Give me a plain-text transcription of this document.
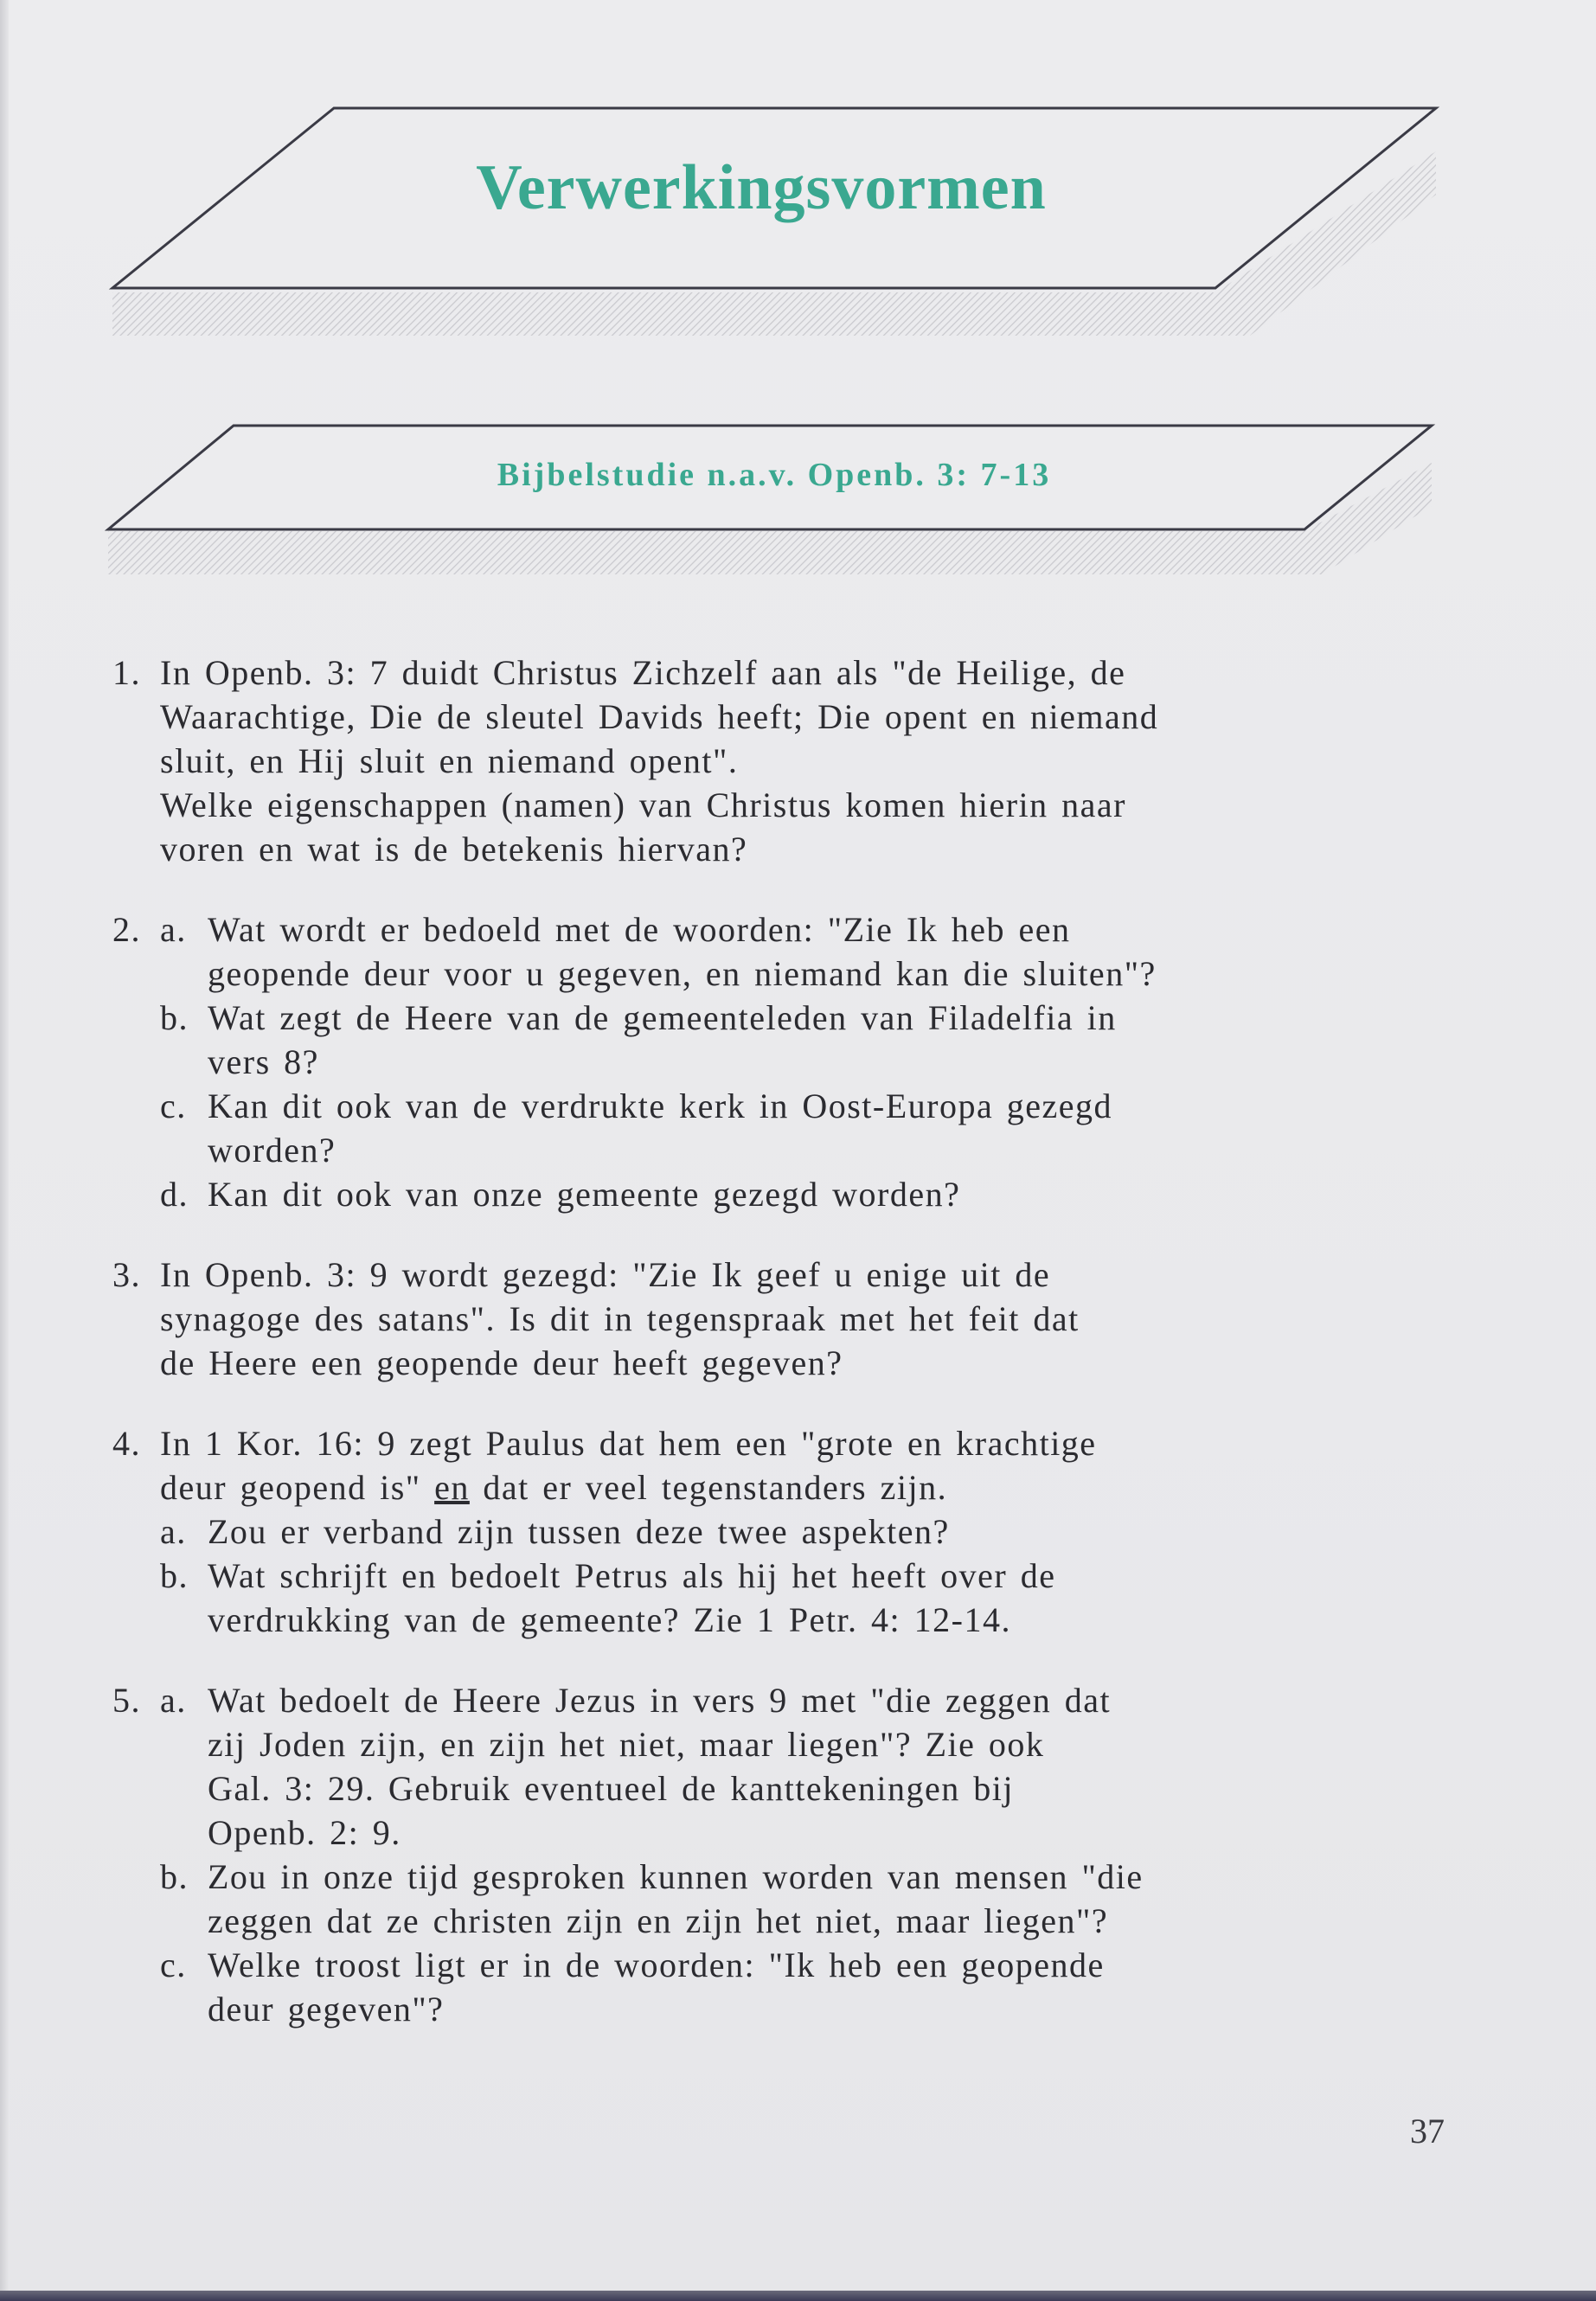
Verwerkingsvormen
Bijbelstudie n.a.v. Openb. 3: 7-13
1. In Openb. 3: 7 duidt Christus Zichzelf aan als "de Heilige, de
Waarachtige, Die de sleutel Davids heeft; Die opent en niemand
sluit, en Hij sluit en niemand opent".
Welke eigenschappen (namen) van Christus komen hierin naar
voren en wat is de betekenis hiervan?
2. a. Wat wordt er bedoeld met de woorden: "Zie Ik heb een
geopende deur voor u gegeven, en niemand kan die sluiten"?
b. Wat zegt de Heere van de gemeenteleden van Filadelfia in
vers 8?
c. Kan dit ook van de verdrukte kerk in Oost-Europa gezegd
worden?
d. Kan dit ook van onze gemeente gezegd worden?
3. In Openb. 3: 9 wordt gezegd: "Zie Ik geef u enige uit de
synagoge des satans". Is dit in tegenspraak met het feit dat
de Heere een geopende deur heeft gegeven?
4. In 1 Kor. 16: 9 zegt Paulus dat hem een "grote en krachtige
deur geopend is" en dat er veel tegenstanders zijn.
a. Zou er verband zijn tussen deze twee aspekten?
b. Wat schrijft en bedoelt Petrus als hij het heeft over de
verdrukking van de gemeente? Zie 1 Petr. 4: 12-14.
5. a. Wat bedoelt de Heere Jezus in vers 9 met "die zeggen dat
zij Joden zijn, en zijn het niet, maar liegen"? Zie ook
Gal. 3: 29. Gebruik eventueel de kanttekeningen bij
Openb. 2: 9.
b. Zou in onze tijd gesproken kunnen worden van mensen "die
zeggen dat ze christen zijn en zijn het niet, maar liegen"?
c. Welke troost ligt er in de woorden: "Ik heb een geopende
deur gegeven"?
37
